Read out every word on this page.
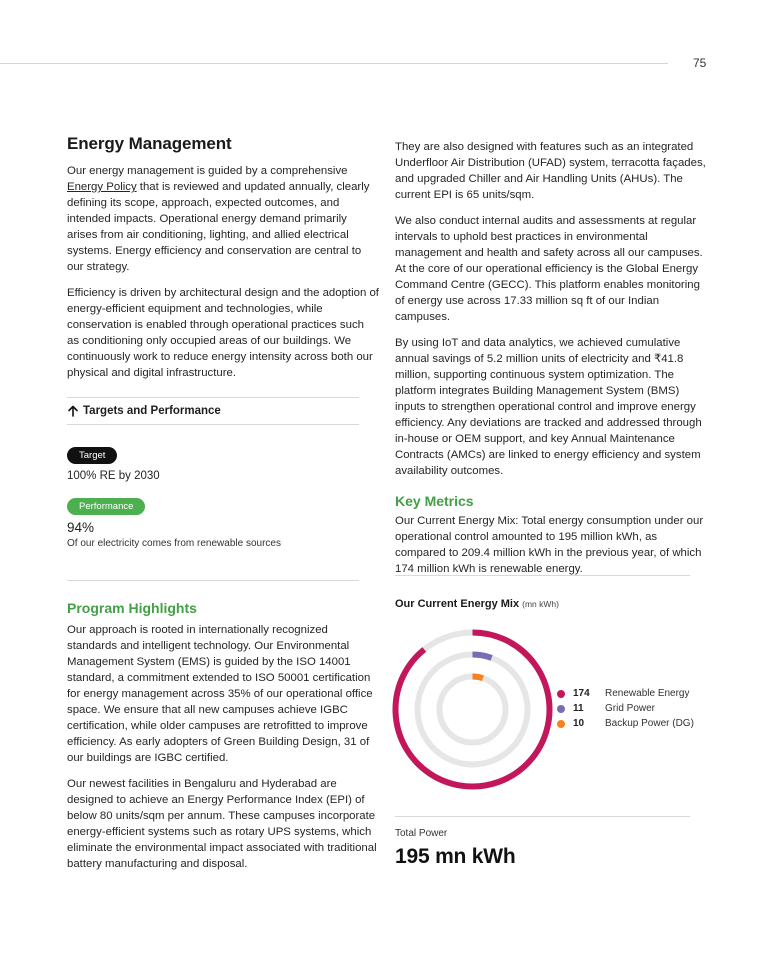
75
Energy Management

Our energy management is guided by a comprehensive
Energy Policy that is reviewed and updated annually, clearly defining its scope, approach, expected outcomes, and intended impacts. Operational energy demand primarily arises from air conditioning, lighting, and allied electrical systems. Energy efficiency and conservation are central to our strategy.

Efficiency is driven by architectural design and the adoption of energy-efficient equipment and technologies, while conservation is enabled through operational practices such as conditioning only occupied areas of our buildings. We continuously work to reduce energy intensity across both our physical and digital infrastructure.

Targets and Performance
Target
100% RE by 2030
Performance
94%
Of our electricity comes from renewable sources
Program Highlights

Our approach is rooted in internationally recognized standards and intelligent technology. Our Environmental Management System (EMS) is guided by the ISO 14001 standard, a commitment extended to ISO 50001 certification for energy management across 35% of our operational office space. We ensure that all new campuses achieve IGBC certification, while older campuses are retrofitted to improve efficiency. As early adopters of Green Building Design, 31 of our buildings are IGBC certified.

Our newest facilities in Bengaluru and Hyderabad are designed to achieve an Energy Performance Index (EPI) of below 80 units/sqm per annum. These campuses incorporate energy-efficient systems such as rotary UPS systems, which eliminate the environmental impact associated with traditional battery manufacturing and disposal.

They are also designed with features such as an integrated Underfloor Air Distribution (UFAD) system, terracotta façades, and upgraded Chiller and Air Handling Units (AHUs). The current EPI is 65 units/sqm.

We also conduct internal audits and assessments at regular intervals to uphold best practices in environmental management and health and safety across all our campuses. At the core of our operational efficiency is the Global Energy Command Centre (GECC). This platform enables monitoring of energy use across 17.33 million sq ft of our Indian campuses.

By using IoT and data analytics, we achieved cumulative annual savings of 5.2 million units of electricity and ₹41.8 million, supporting continuous system optimization. The platform integrates Building Management System (BMS) inputs to strengthen operational control and improve energy efficiency. Any deviations are tracked and addressed through in-house or OEM support, and key Annual Maintenance Contracts (AMCs) are linked to energy efficiency and system availability outcomes.

Key Metrics

Our Current Energy Mix: Total energy consumption under our operational control amounted to 195 million kWh, as compared to 209.4 million kWh in the previous year, of which 174 million kWh is renewable energy.

Our Current Energy Mix (mn kWh)
174	Renewable Energy
11	Grid Power
10	Backup Power (DG)
Total Power
195 mn kWh
